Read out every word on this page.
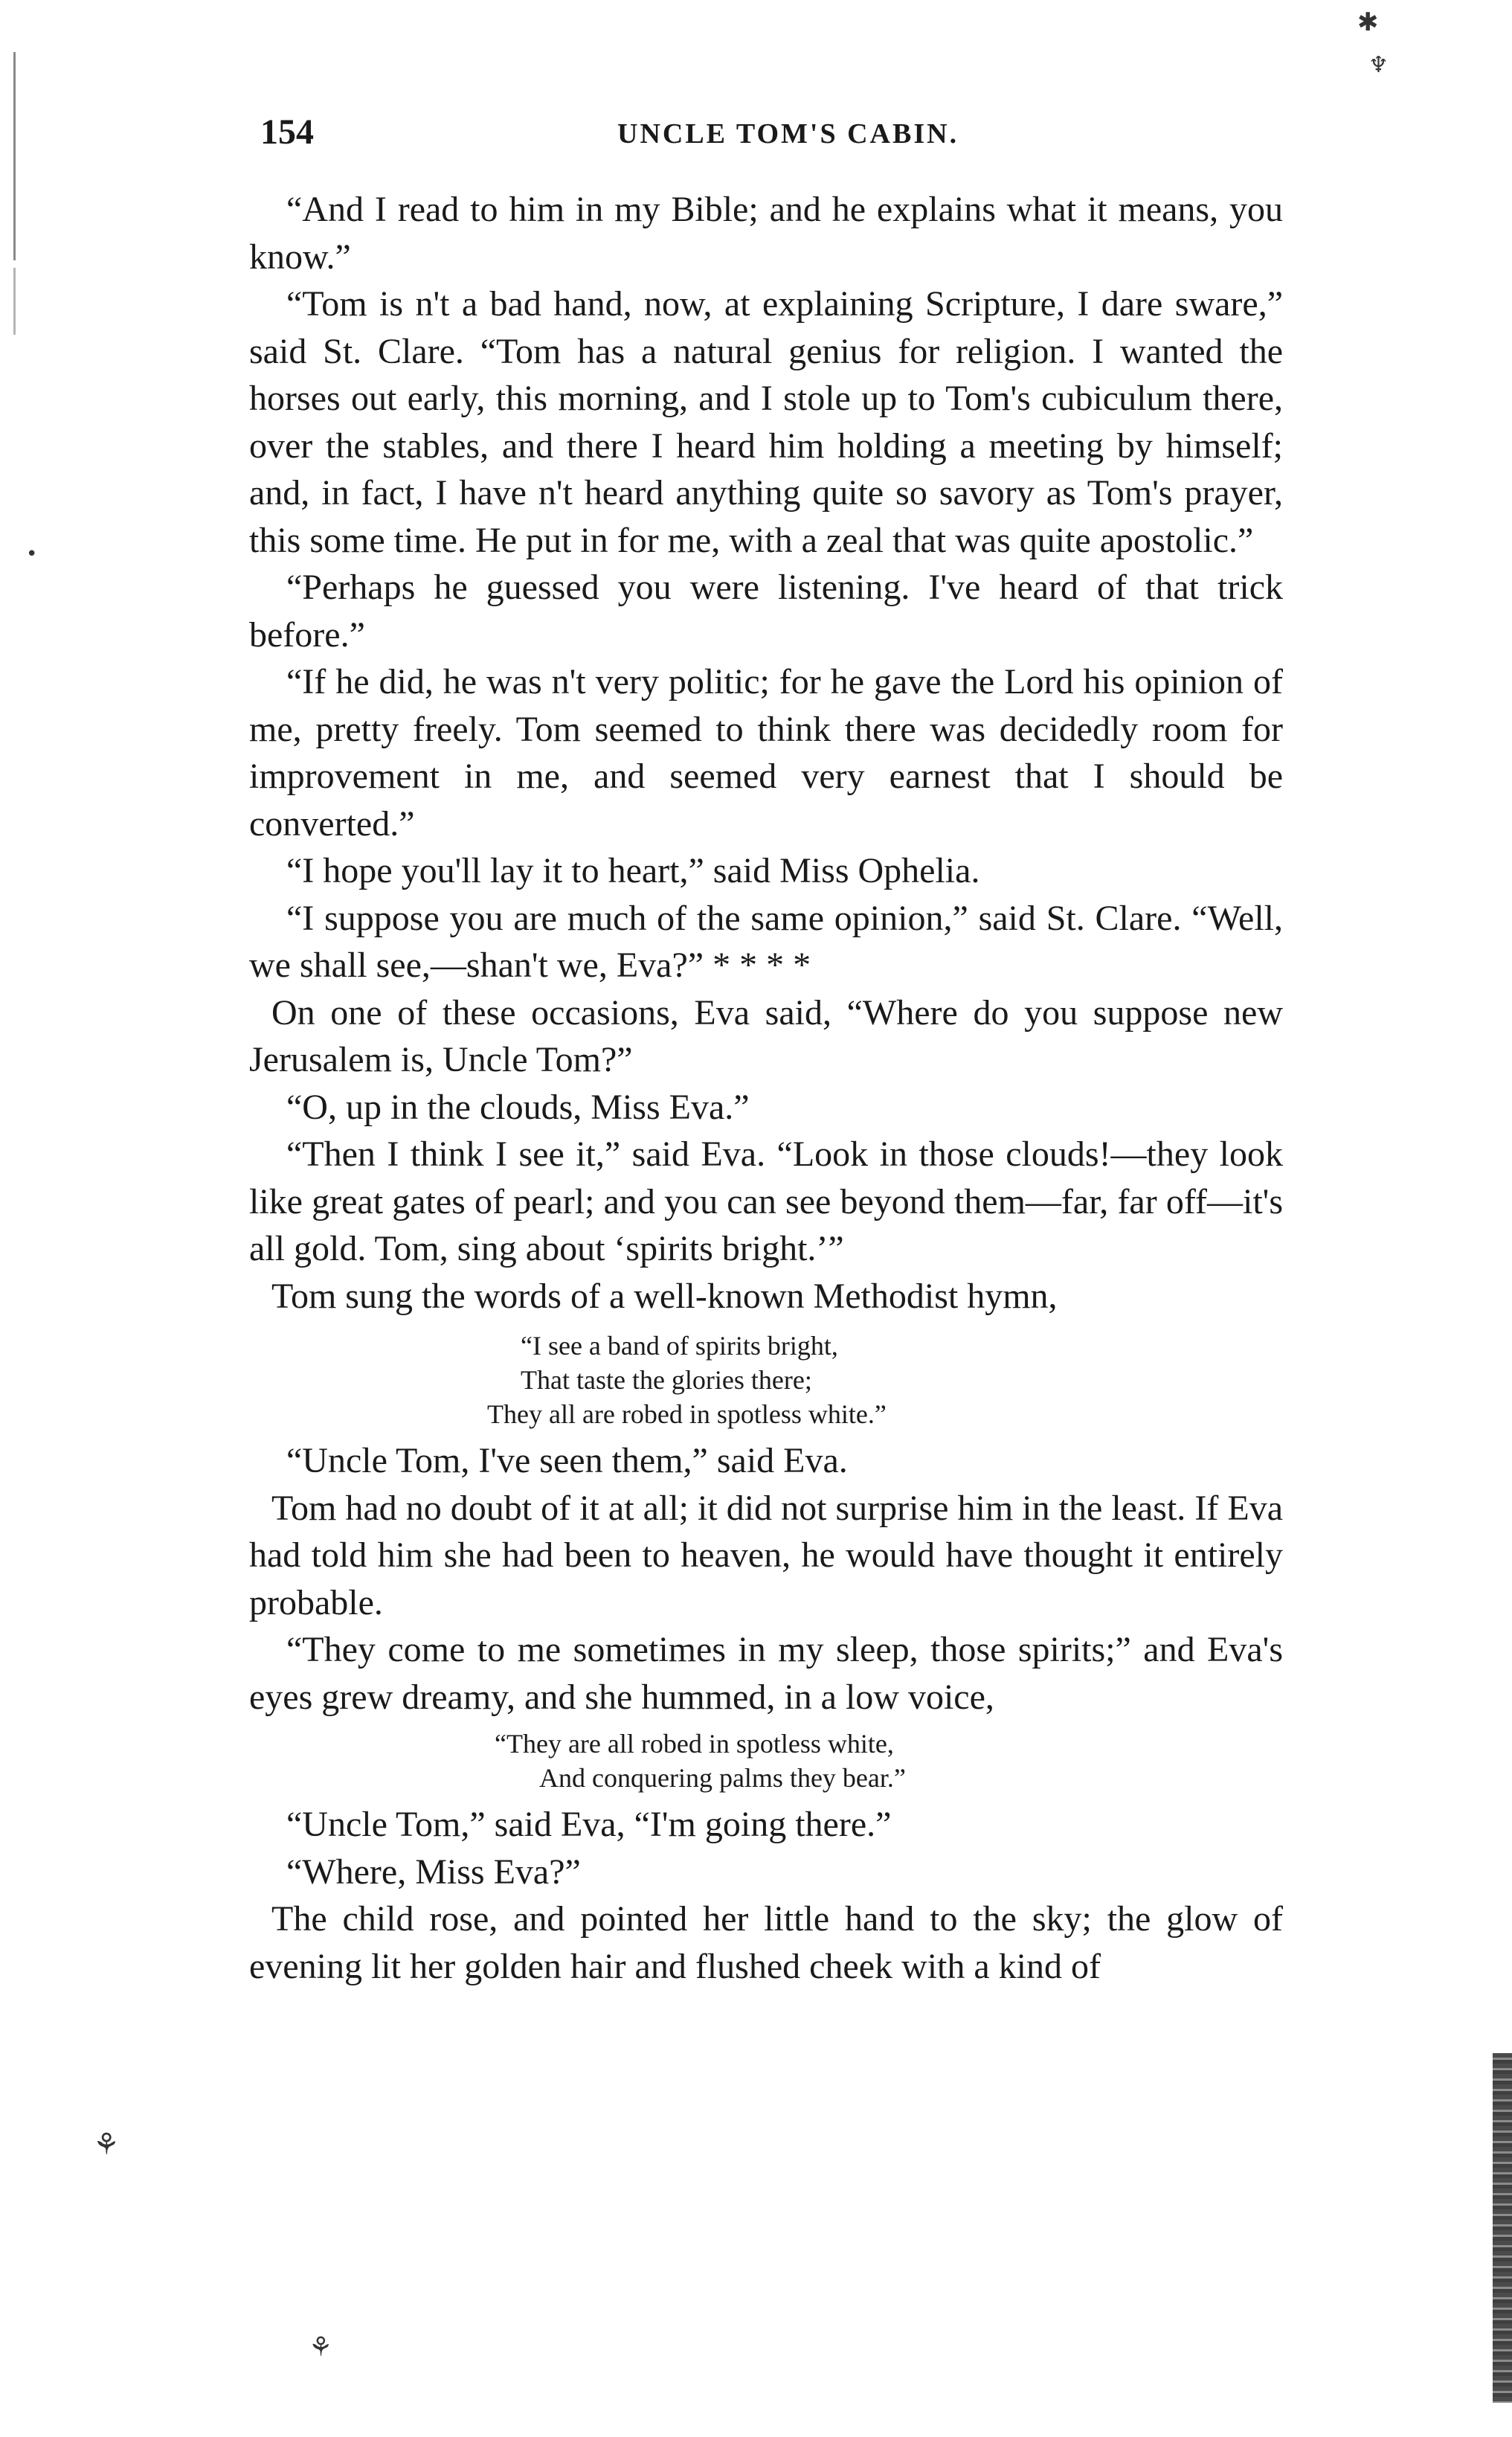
✱
♆
⚘
⚘
•
154	UNCLE TOM'S CABIN.

“And I read to him in my Bible; and he explains what it means, you know.”

“Tom is n't a bad hand, now, at explaining Scripture, I dare sware,” said St. Clare. “Tom has a natural genius for religion. I wanted the horses out early, this morning, and I stole up to Tom's cubiculum there, over the stables, and there I heard him holding a meeting by himself; and, in fact, I have n't heard anything quite so savory as Tom's prayer, this some time. He put in for me, with a zeal that was quite apostolic.”

“Perhaps he guessed you were listening. I've heard of that trick before.”

“If he did, he was n't very politic; for he gave the Lord his opinion of me, pretty freely. Tom seemed to think there was decidedly room for improvement in me, and seemed very earnest that I should be converted.”

“I hope you'll lay it to heart,” said Miss Ophelia.

“I suppose you are much of the same opinion,” said St. Clare. “Well, we shall see,—shan't we, Eva?” * * * *

On one of these occasions, Eva said, “Where do you suppose new Jerusalem is, Uncle Tom?”

“O, up in the clouds, Miss Eva.”

“Then I think I see it,” said Eva. “Look in those clouds!—they look like great gates of pearl; and you can see beyond them—far, far off—it's all gold. Tom, sing about ‘spirits bright.’”

Tom sung the words of a well-known Methodist hymn,

“I see a band of spirits bright,
That taste the glories there;
They all are robed in spotless white.”

“Uncle Tom, I've seen them,” said Eva.

Tom had no doubt of it at all; it did not surprise him in the least. If Eva had told him she had been to heaven, he would have thought it entirely probable.

“They come to me sometimes in my sleep, those spirits;” and Eva's eyes grew dreamy, and she hummed, in a low voice,

“They are all robed in spotless white,
And conquering palms they bear.”

“Uncle Tom,” said Eva, “I'm going there.”

“Where, Miss Eva?”

The child rose, and pointed her little hand to the sky; the glow of evening lit her golden hair and flushed cheek with a kind of
